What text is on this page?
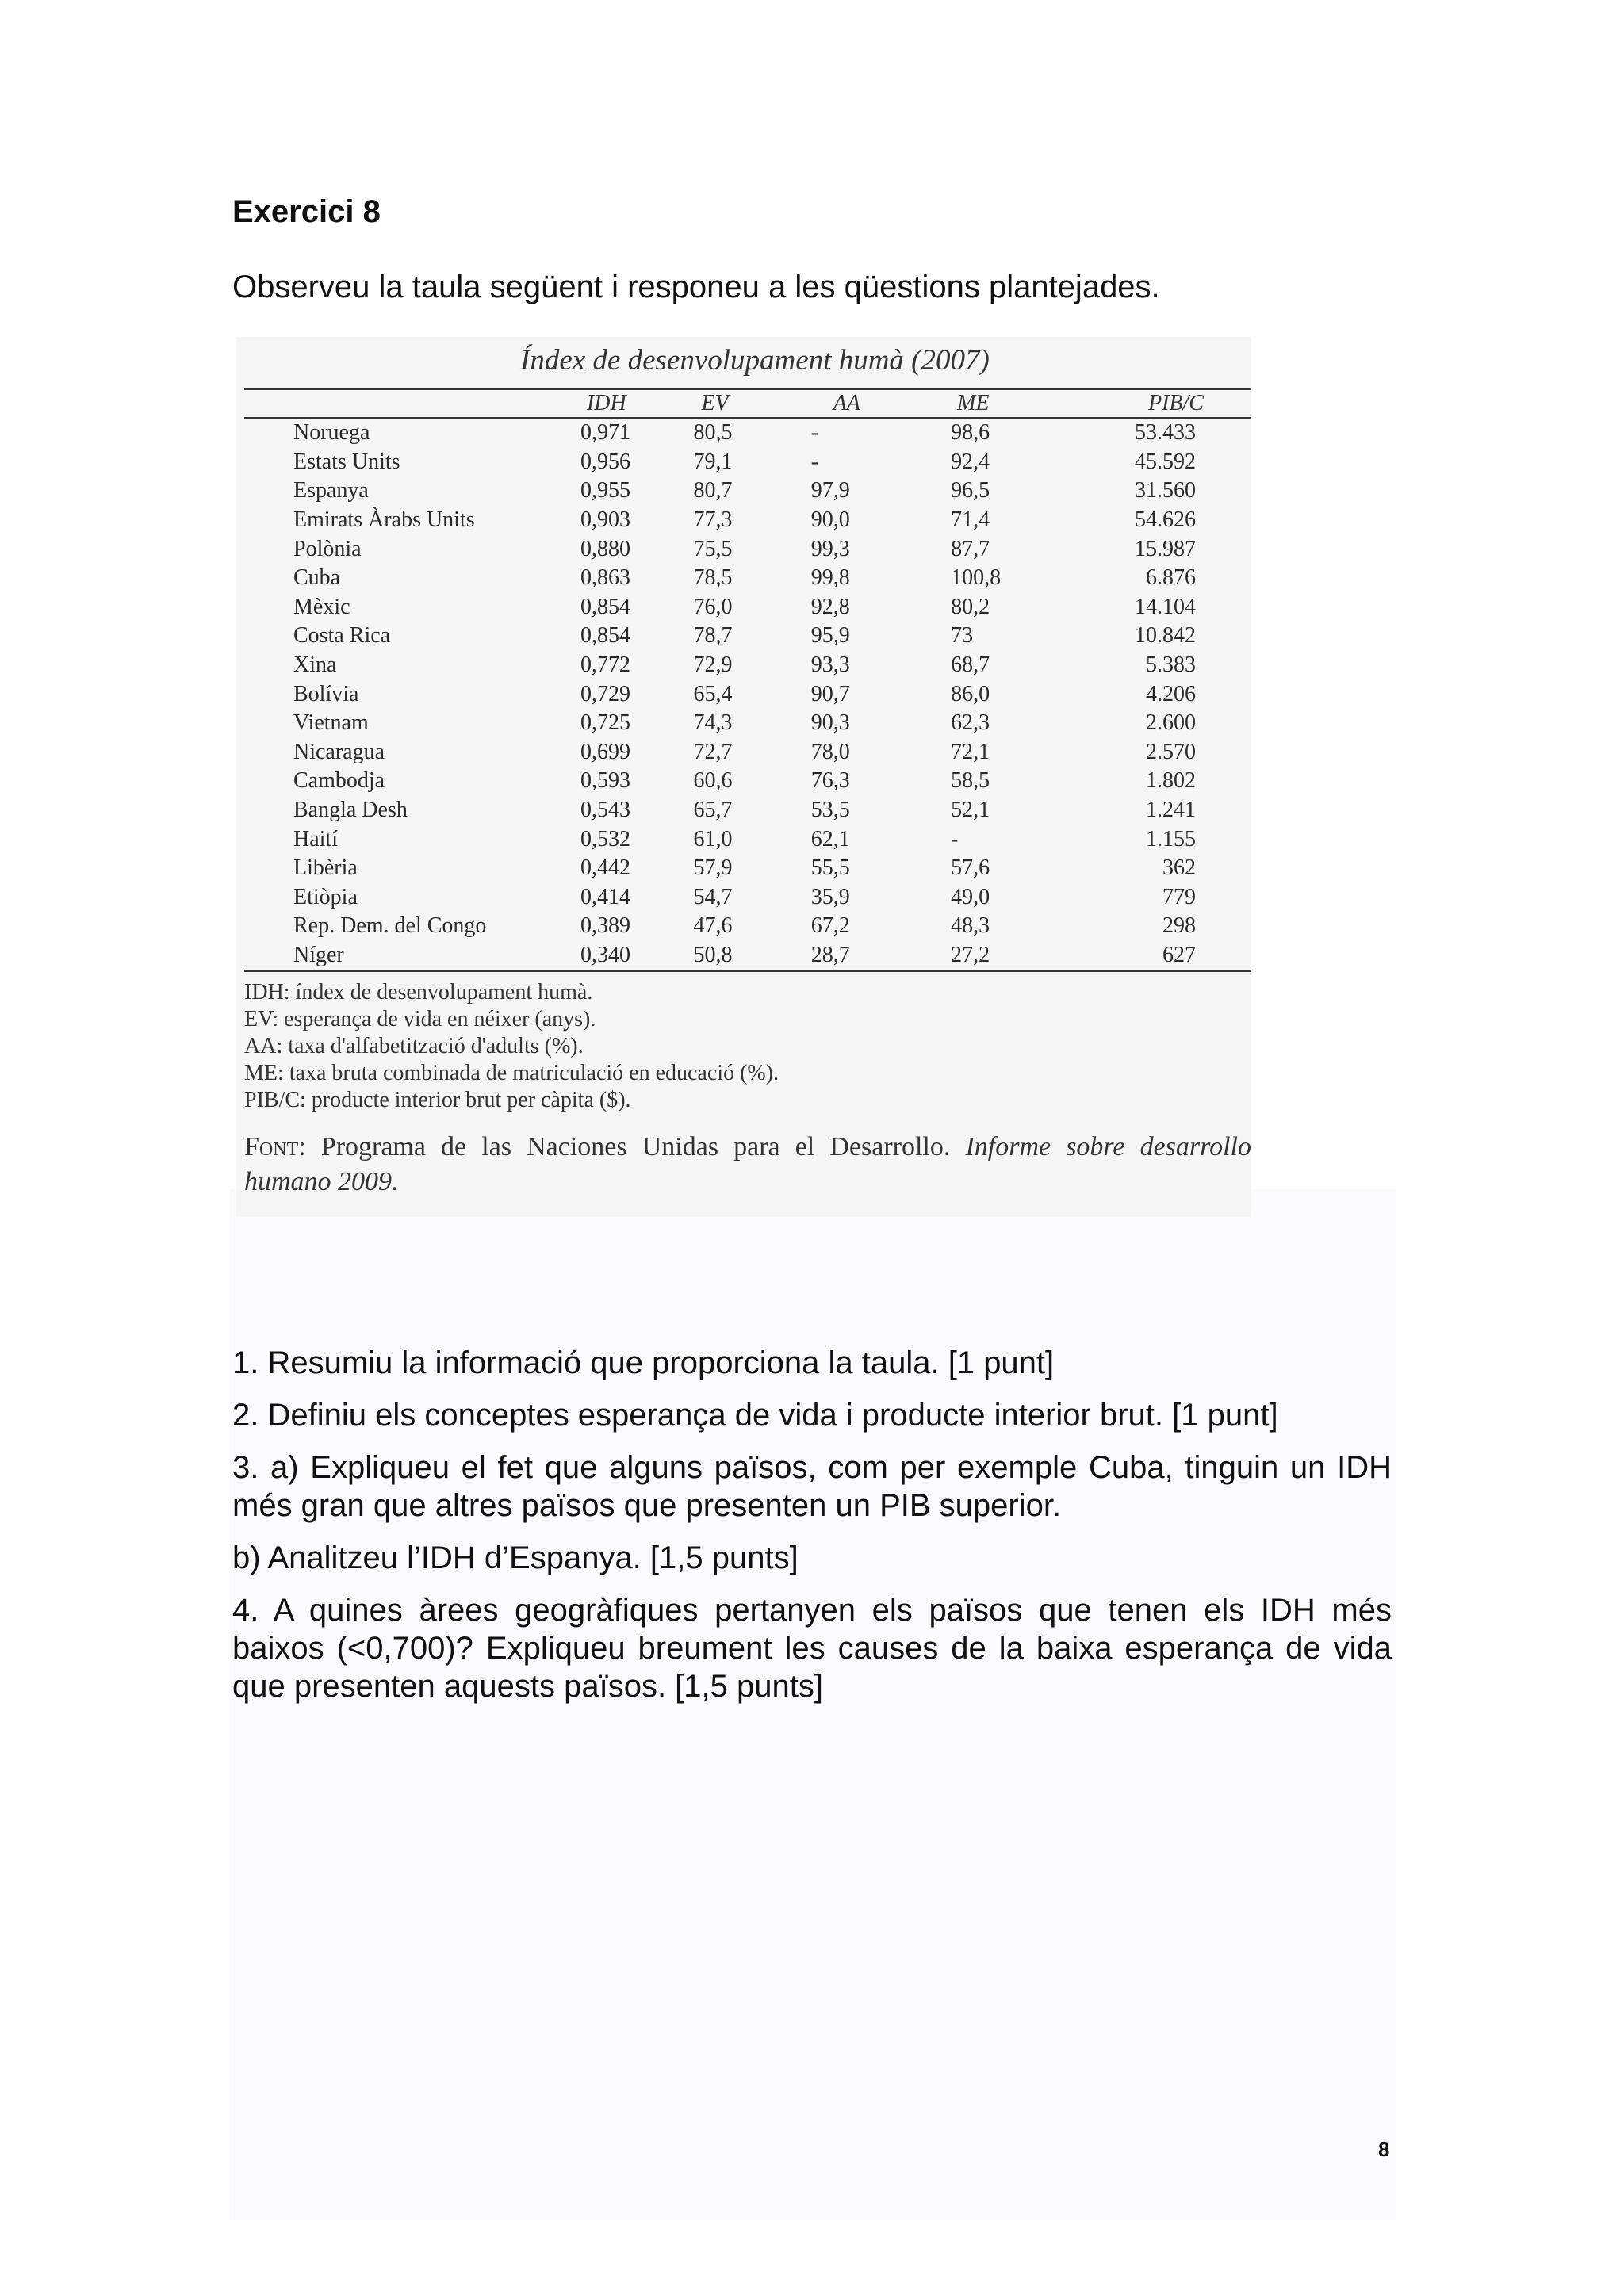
Exercici 8

Observeu la taula següent i responeu a les qüestions plantejades.

Índex de desenvolupament humà (2007)
	IDH	EV	AA	ME	PIB/C
Noruega	0,971	80,5	-	98,6	53.433
Estats Units	0,956	79,1	-	92,4	45.592
Espanya	0,955	80,7	97,9	96,5	31.560
Emirats Àrabs Units	0,903	77,3	90,0	71,4	54.626
Polònia	0,880	75,5	99,3	87,7	15.987
Cuba	0,863	78,5	99,8	100,8	6.876
Mèxic	0,854	76,0	92,8	80,2	14.104
Costa Rica	0,854	78,7	95,9	73	10.842
Xina	0,772	72,9	93,3	68,7	5.383
Bolívia	0,729	65,4	90,7	86,0	4.206
Vietnam	0,725	74,3	90,3	62,3	2.600
Nicaragua	0,699	72,7	78,0	72,1	2.570
Cambodja	0,593	60,6	76,3	58,5	1.802
Bangla Desh	0,543	65,7	53,5	52,1	1.241
Haití	0,532	61,0	62,1	-	1.155
Libèria	0,442	57,9	55,5	57,6	362
Etiòpia	0,414	54,7	35,9	49,0	779
Rep. Dem. del Congo	0,389	47,6	67,2	48,3	298
Níger	0,340	50,8	28,7	27,2	627
IDH: índex de desenvolupament humà.
EV: esperança de vida en néixer (anys).
AA: taxa d'alfabetització d'adults (%).
ME: taxa bruta combinada de matriculació en educació (%).
PIB/C: producte interior brut per càpita ($).
Font: Programa de las Naciones Unidas para el Desarrollo. Informe sobre desarrollo humano 2009.

1. Resumiu la informació que proporciona la taula. [1 punt]

2. Definiu els conceptes esperança de vida i producte interior brut. [1 punt]

3. a) Expliqueu el fet que alguns països, com per exemple Cuba, tinguin un IDH més gran que altres països que presenten un PIB superior.

b) Analitzeu l’IDH d’Espanya. [1,5 punts]

4. A quines àrees geogràfiques pertanyen els països que tenen els IDH més baixos (<0,700)? Expliqueu breument les causes de la baixa esperança de vida que presenten aquests països. [1,5 punts]

8
